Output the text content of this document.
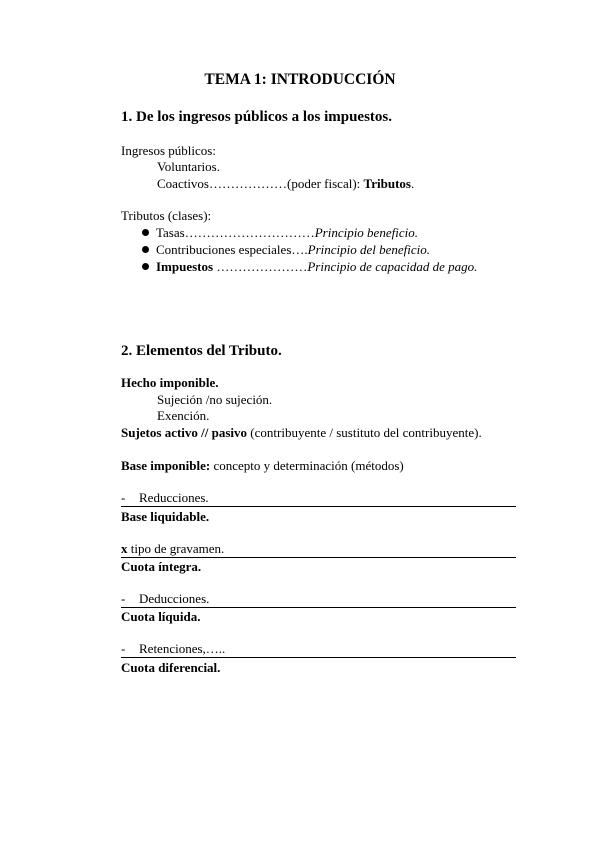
TEMA 1: INTRODUCCIÓN
1. De los ingresos públicos a los impuestos.
Ingresos públicos:
Voluntarios.
Coactivos………………(poder fiscal): Tributos.
Tributos (clases):
Tasas…………………………Principio beneficio.
Contribuciones especiales….Principio del beneficio.
Impuestos …………………Principio de capacidad de pago.
2. Elementos del Tributo.
Hecho imponible.
Sujeción /no sujeción.
Exención.
Sujetos activo // pasivo (contribuyente / sustituto del contribuyente).
Base imponible: concepto y determinación (métodos)
- Reducciones.
Base liquidable.
x tipo de gravamen.
Cuota íntegra.
- Deducciones.
Cuota líquida.
- Retenciones,…..
Cuota diferencial.
